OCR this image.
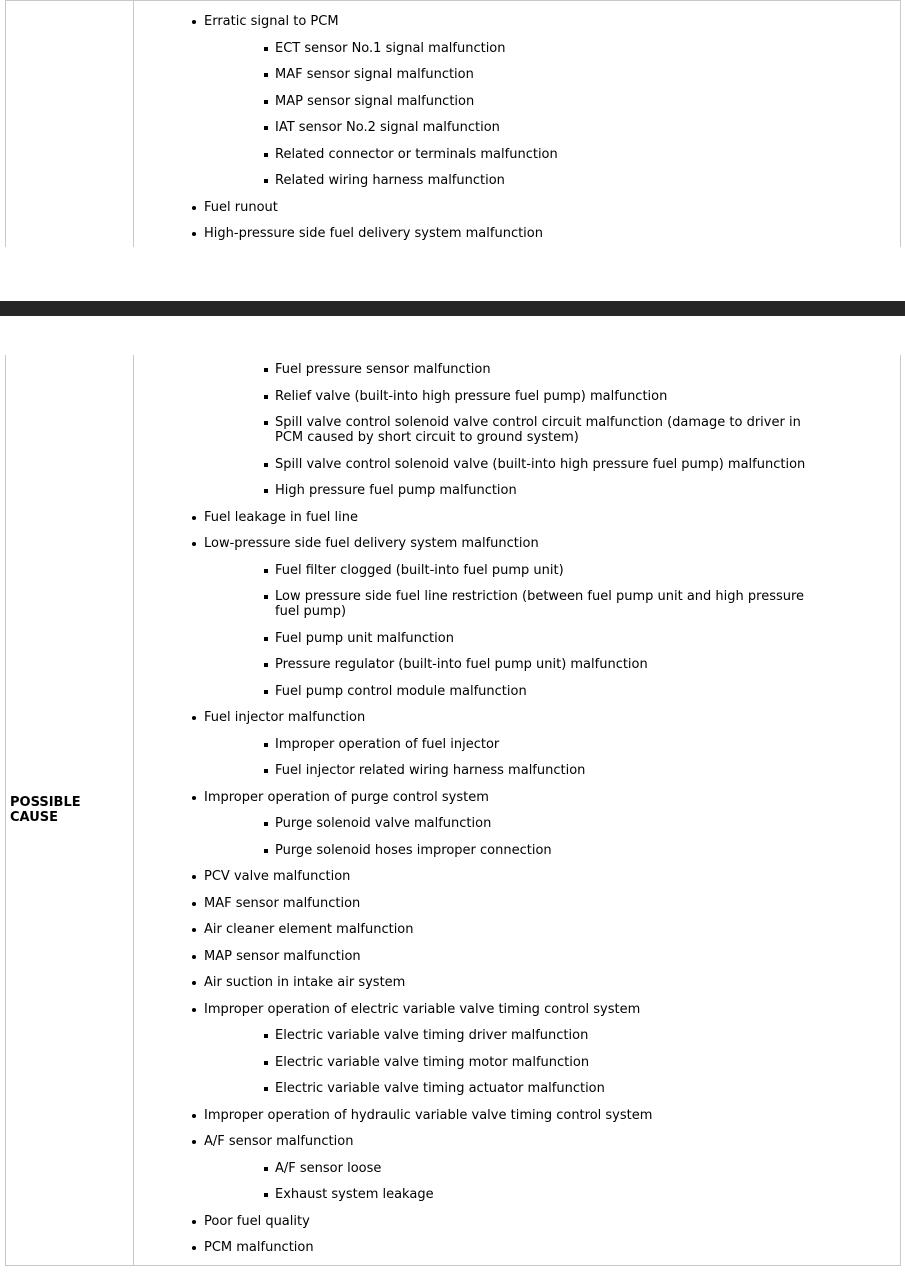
Erratic signal to PCM
ECT sensor No.1 signal malfunction
MAF sensor signal malfunction
MAP sensor signal malfunction
IAT sensor No.2 signal malfunction
Related connector or terminals malfunction
Related wiring harness malfunction
Fuel runout
High-pressure side fuel delivery system malfunction
POSSIBLE CAUSE
Fuel pressure sensor malfunction
Relief valve (built-into high pressure fuel pump) malfunction
Spill valve control solenoid valve control circuit malfunction (damage to driver in PCM caused by short circuit to ground system)
Spill valve control solenoid valve (built-into high pressure fuel pump) malfunction
High pressure fuel pump malfunction
Fuel leakage in fuel line
Low-pressure side fuel delivery system malfunction
Fuel filter clogged (built-into fuel pump unit)
Low pressure side fuel line restriction (between fuel pump unit and high pressure fuel pump)
Fuel pump unit malfunction
Pressure regulator (built-into fuel pump unit) malfunction
Fuel pump control module malfunction
Fuel injector malfunction
Improper operation of fuel injector
Fuel injector related wiring harness malfunction
Improper operation of purge control system
Purge solenoid valve malfunction
Purge solenoid hoses improper connection
PCV valve malfunction
MAF sensor malfunction
Air cleaner element malfunction
MAP sensor malfunction
Air suction in intake air system
Improper operation of electric variable valve timing control system
Electric variable valve timing driver malfunction
Electric variable valve timing motor malfunction
Electric variable valve timing actuator malfunction
Improper operation of hydraulic variable valve timing control system
A/F sensor malfunction
A/F sensor loose
Exhaust system leakage
Poor fuel quality
PCM malfunction
